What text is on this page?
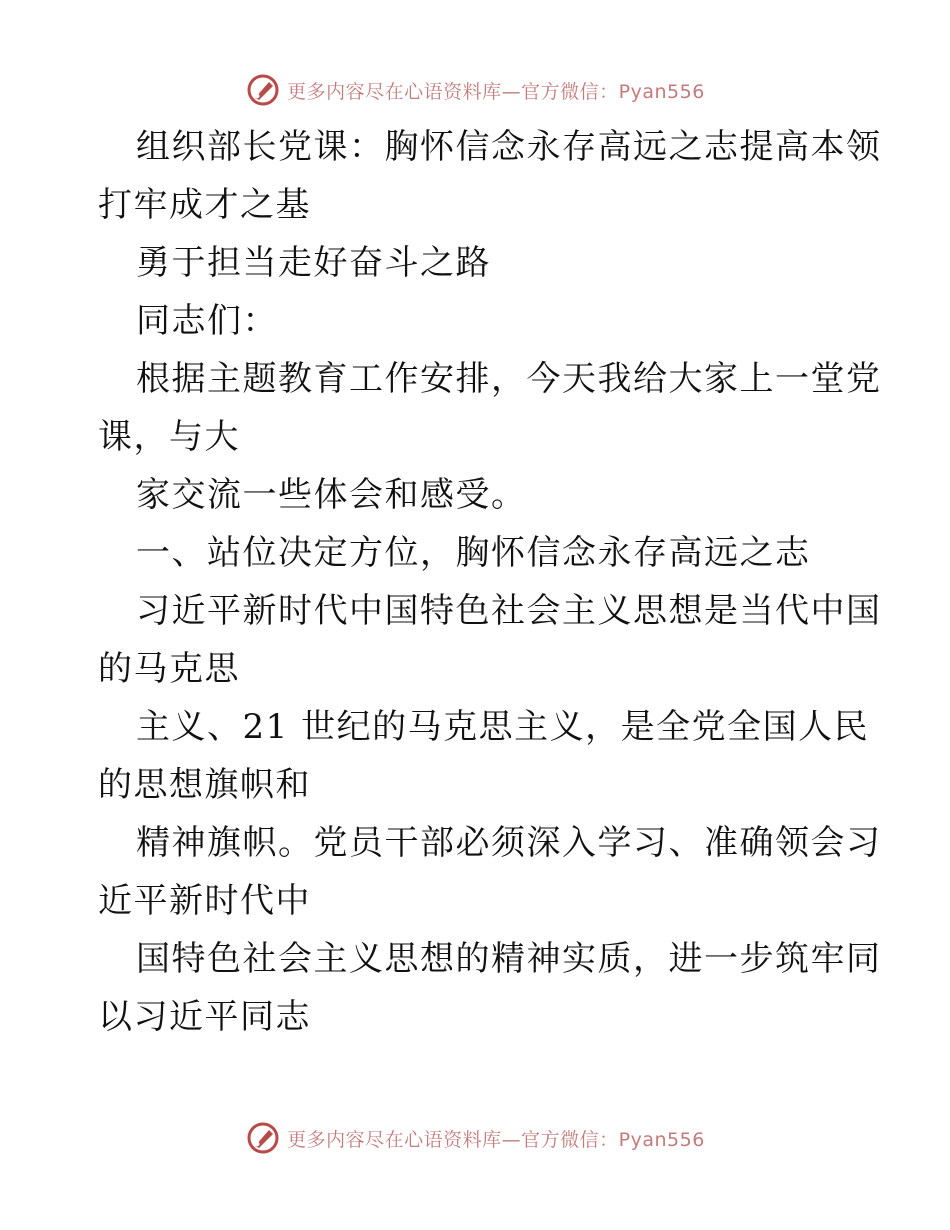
更多内容尽在心语资料库—官方微信：Pyan556
组织部长党课：胸怀信念永存高远之志提高本领
打牢成才之基
勇于担当走好奋斗之路
同志们：
根据主题教育工作安排，今天我给大家上一堂党
课，与大
家交流一些体会和感受。
一、站位决定方位，胸怀信念永存高远之志
习近平新时代中国特色社会主义思想是当代中国
的马克思
主义、21 世纪的马克思主义，是全党全国人民
的思想旗帜和
精神旗帜。党员干部必须深入学习、准确领会习
近平新时代中
国特色社会主义思想的精神实质，进一步筑牢同
以习近平同志
更多内容尽在心语资料库—官方微信：Pyan556
